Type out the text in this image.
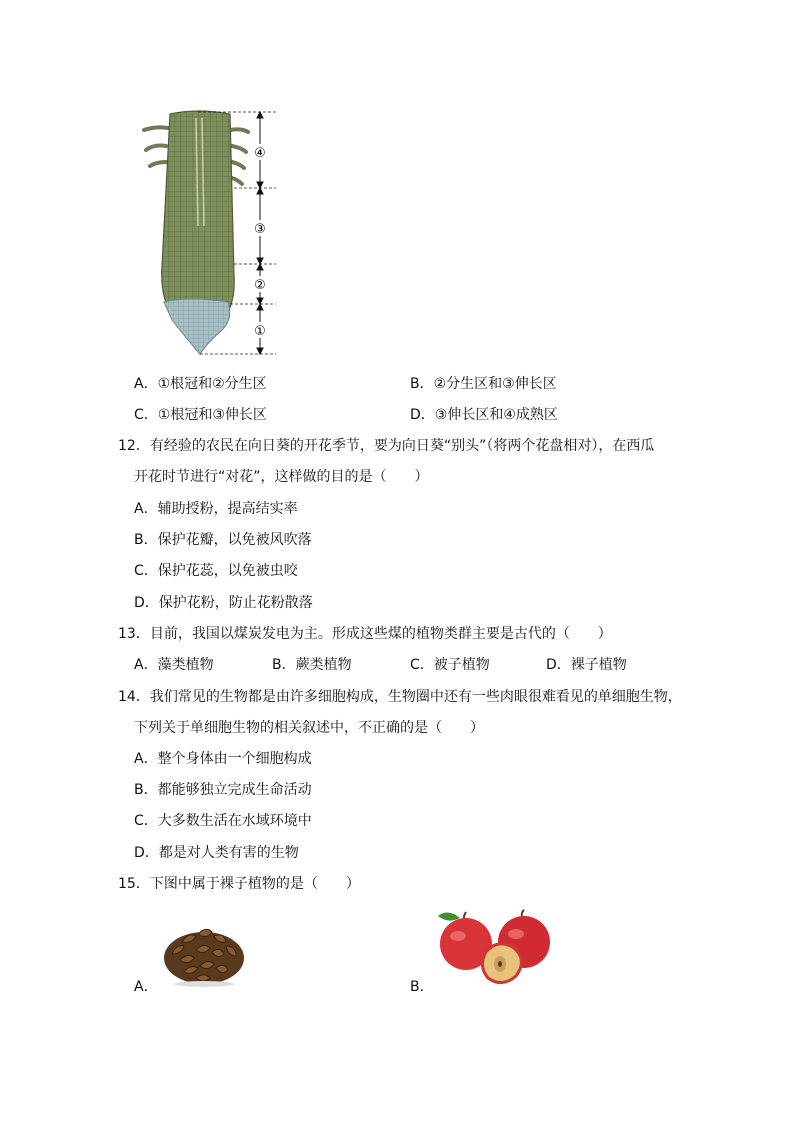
④
③
②
①
A．①根冠和②分生区	B．②分生区和③伸长区
C．①根冠和③伸长区	D．③伸长区和④成熟区
12．有经验的农民在向日葵的开花季节，要为向日葵“别头”（将两个花盘相对），在西瓜
开花时节进行“对花”，这样做的目的是（　　）
A．辅助授粉，提高结实率
B．保护花瓣，以免被风吹落
C．保护花蕊，以免被虫咬
D．保护花粉，防止花粉散落
13．目前，我国以煤炭发电为主。形成这些煤的植物类群主要是古代的（　　）
A．藻类植物	B．蕨类植物	C．被子植物	D．裸子植物
14．我们常见的生物都是由许多细胞构成，生物圈中还有一些肉眼很难看见的单细胞生物，
下列关于单细胞生物的相关叙述中，不正确的是（　　）
A．整个身体由一个细胞构成
B．都能够独立完成生命活动
C．大多数生活在水域环境中
D．都是对人类有害的生物
15．下图中属于裸子植物的是（　　）
A．	B．
